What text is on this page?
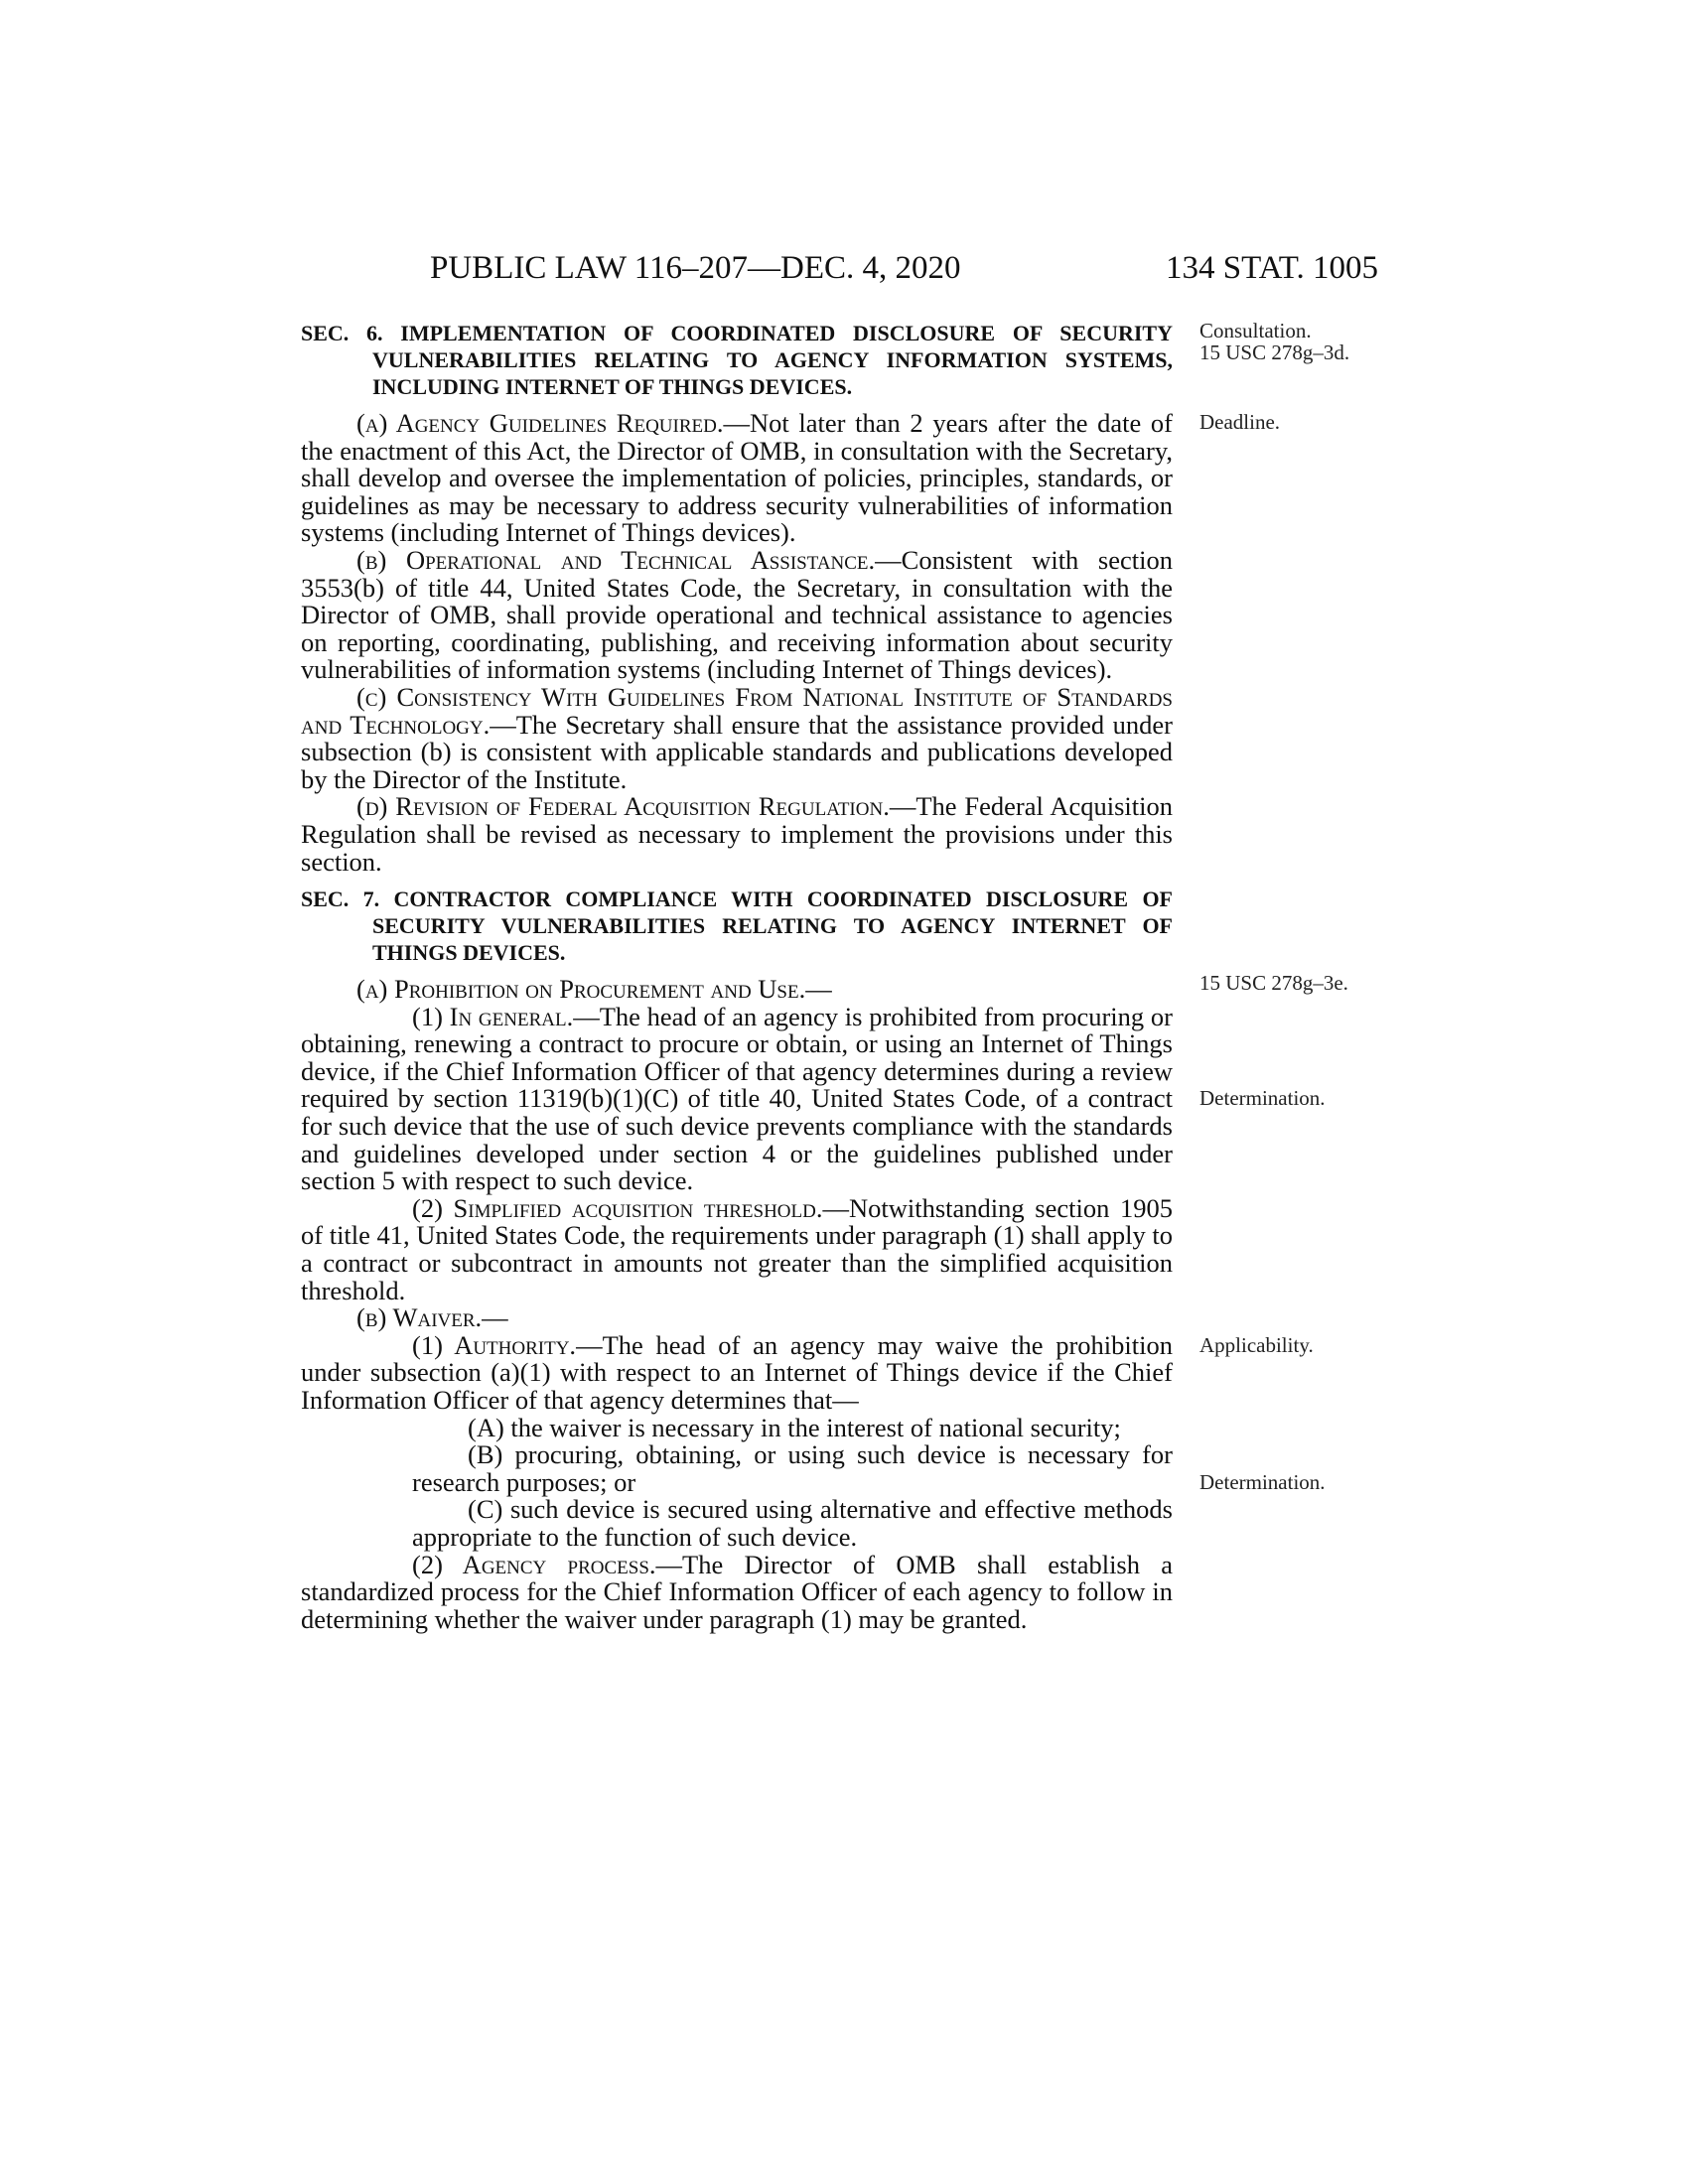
PUBLIC LAW 116–207—DEC. 4, 2020	134 STAT. 1005
Consultation.
15 USC 278g–3d.
Deadline.
15 USC 278g–3e.
Determination.
Applicability.
Determination.
SEC. 6. IMPLEMENTATION OF COORDINATED DISCLOSURE OF SECURITY VULNERABILITIES RELATING TO AGENCY INFORMATION SYSTEMS, INCLUDING INTERNET OF THINGS DEVICES.

(a) Agency Guidelines Required.—Not later than 2 years after the date of the enactment of this Act, the Director of OMB, in consultation with the Secretary, shall develop and oversee the implementation of policies, principles, standards, or guidelines as may be necessary to address security vulnerabilities of information systems (including Internet of Things devices).

(b) Operational and Technical Assistance.—Consistent with section 3553(b) of title 44, United States Code, the Secretary, in consultation with the Director of OMB, shall provide operational and technical assistance to agencies on reporting, coordinating, publishing, and receiving information about security vulnerabilities of information systems (including Internet of Things devices).

(c) Consistency With Guidelines From National Institute of Standards and Technology.—The Secretary shall ensure that the assistance provided under subsection (b) is consistent with applicable standards and publications developed by the Director of the Institute.

(d) Revision of Federal Acquisition Regulation.—The Federal Acquisition Regulation shall be revised as necessary to implement the provisions under this section.

SEC. 7. CONTRACTOR COMPLIANCE WITH COORDINATED DISCLOSURE OF SECURITY VULNERABILITIES RELATING TO AGENCY INTERNET OF THINGS DEVICES.

(a) Prohibition on Procurement and Use.—

(1) In general.—The head of an agency is prohibited from procuring or obtaining, renewing a contract to procure or obtain, or using an Internet of Things device, if the Chief Information Officer of that agency determines during a review required by section 11319(b)(1)(C) of title 40, United States Code, of a contract for such device that the use of such device prevents compliance with the standards and guidelines developed under section 4 or the guidelines published under section 5 with respect to such device.

(2) Simplified acquisition threshold.—Notwithstanding section 1905 of title 41, United States Code, the requirements under paragraph (1) shall apply to a contract or subcontract in amounts not greater than the simplified acquisition threshold.

(b) Waiver.—

(1) Authority.—The head of an agency may waive the prohibition under subsection (a)(1) with respect to an Internet of Things device if the Chief Information Officer of that agency determines that—

(A) the waiver is necessary in the interest of national security;

(B) procuring, obtaining, or using such device is necessary for research purposes; or

(C) such device is secured using alternative and effective methods appropriate to the function of such device.

(2) Agency process.—The Director of OMB shall establish a standardized process for the Chief Information Officer of each agency to follow in determining whether the waiver under paragraph (1) may be granted.
